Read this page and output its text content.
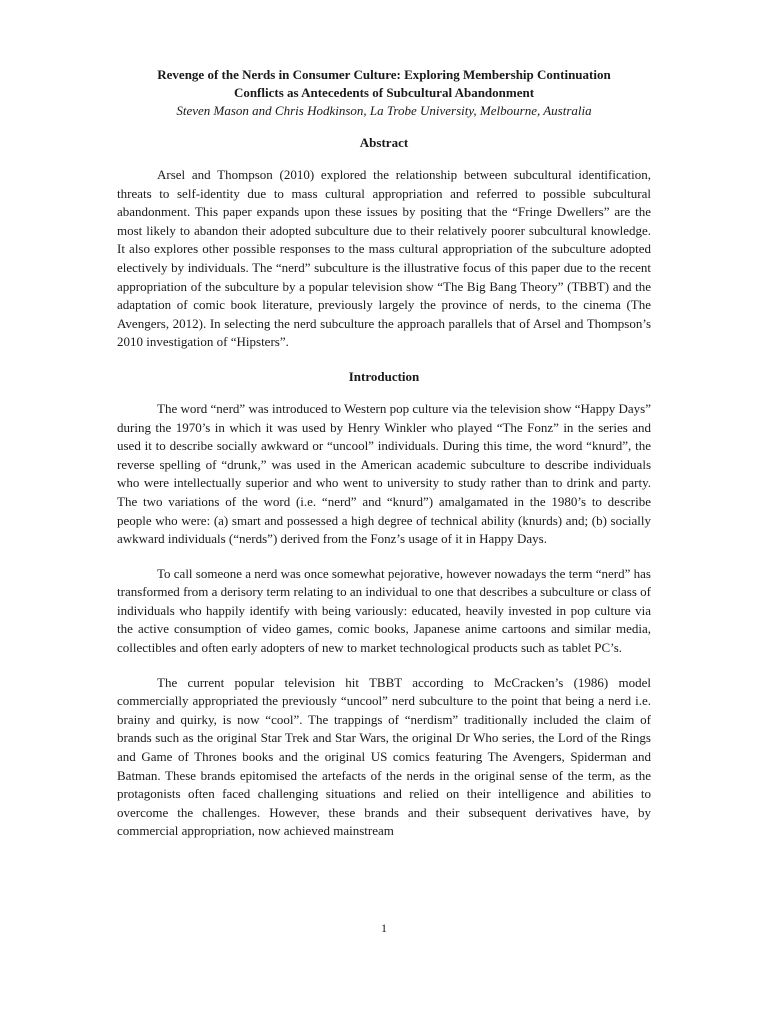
Revenge of the Nerds in Consumer Culture: Exploring Membership Continuation

Conflicts as Antecedents of Subcultural Abandonment

Steven Mason and Chris Hodkinson, La Trobe University, Melbourne, Australia

Abstract

Arsel and Thompson (2010) explored the relationship between subcultural identification, threats to self-identity due to mass cultural appropriation and referred to possible subcultural abandonment. This paper expands upon these issues by positing that the “Fringe Dwellers” are the most likely to abandon their adopted subculture due to their relatively poorer subcultural knowledge. It also explores other possible responses to the mass cultural appropriation of the subculture adopted electively by individuals. The “nerd” subculture is the illustrative focus of this paper due to the recent appropriation of the subculture by a popular television show “The Big Bang Theory” (TBBT) and the adaptation of comic book literature, previously largely the province of nerds, to the cinema (The Avengers, 2012). In selecting the nerd subculture the approach parallels that of Arsel and Thompson’s 2010 investigation of “Hipsters”.

Introduction

The word “nerd” was introduced to Western pop culture via the television show “Happy Days” during the 1970’s in which it was used by Henry Winkler who played “The Fonz” in the series and used it to describe socially awkward or “uncool” individuals. During this time, the word “knurd”, the reverse spelling of “drunk,” was used in the American academic subculture to describe individuals who were intellectually superior and who went to university to study rather than to drink and party. The two variations of the word (i.e. “nerd” and “knurd”) amalgamated in the 1980’s to describe people who were: (a) smart and possessed a high degree of technical ability (knurds) and; (b) socially awkward individuals (“nerds”) derived from the Fonz’s usage of it in Happy Days.

To call someone a nerd was once somewhat pejorative, however nowadays the term “nerd” has transformed from a derisory term relating to an individual to one that describes a subculture or class of individuals who happily identify with being variously: educated, heavily invested in pop culture via the active consumption of video games, comic books, Japanese anime cartoons and similar media, collectibles and often early adopters of new to market technological products such as tablet PC’s.

The current popular television hit TBBT according to McCracken’s (1986) model commercially appropriated the previously “uncool” nerd subculture to the point that being a nerd i.e. brainy and quirky, is now “cool”. The trappings of “nerdism” traditionally included the claim of brands such as the original Star Trek and Star Wars, the original Dr Who series, the Lord of the Rings and Game of Thrones books and the original US comics featuring The Avengers, Spiderman and Batman. These brands epitomised the artefacts of the nerds in the original sense of the term, as the protagonists often faced challenging situations and relied on their intelligence and abilities to overcome the challenges. However, these brands and their subsequent derivatives have, by commercial appropriation, now achieved mainstream

1
